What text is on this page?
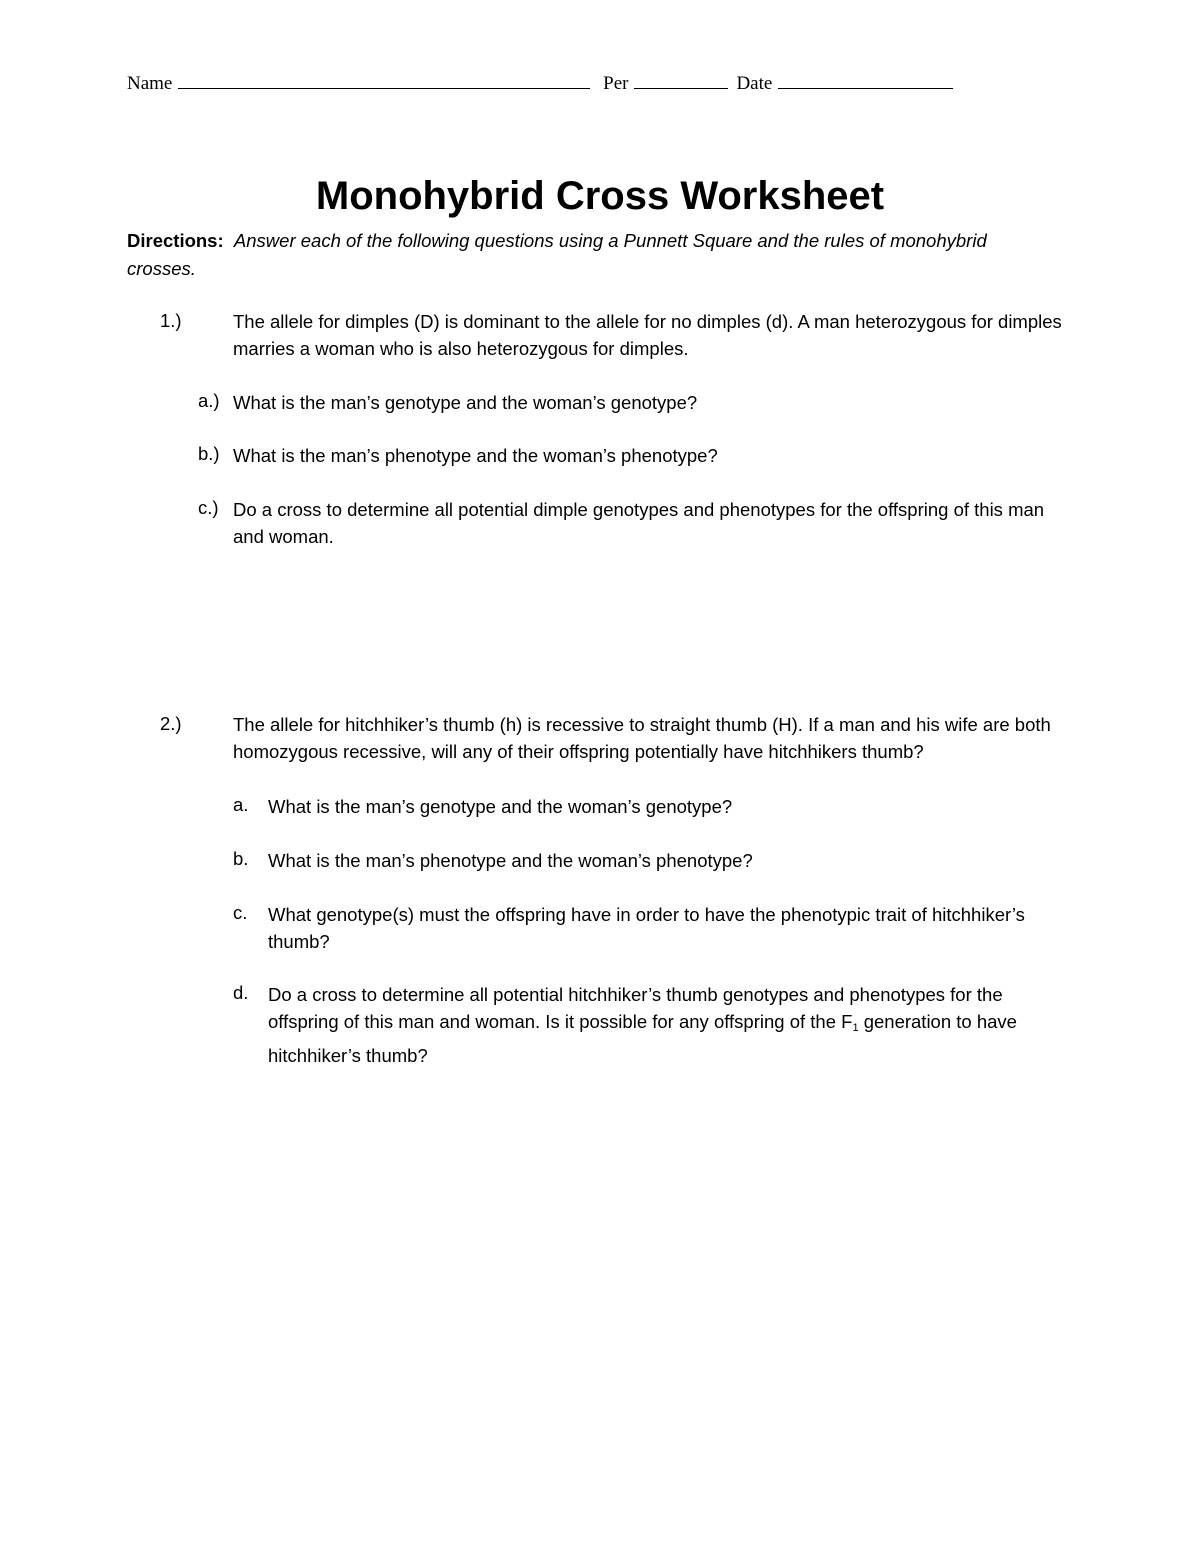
Name	Per	Date
Monohybrid Cross Worksheet
Directions: Answer each of the following questions using a Punnett Square and the rules of monohybrid crosses.
1.)	The allele for dimples (D) is dominant to the allele for no dimples (d). A man heterozygous for dimples marries a woman who is also heterozygous for dimples.
a.) What is the man’s genotype and the woman’s genotype?
b.) What is the man’s phenotype and the woman’s phenotype?
c.) Do a cross to determine all potential dimple genotypes and phenotypes for the offspring of this man and woman.
2.)	The allele for hitchhiker’s thumb (h) is recessive to straight thumb (H). If a man and his wife are both homozygous recessive, will any of their offspring potentially have hitchhikers thumb?
a. What is the man’s genotype and the woman’s genotype?
b. What is the man’s phenotype and the woman’s phenotype?
c. What genotype(s) must the offspring have in order to have the phenotypic trait of hitchhiker’s thumb?
d. Do a cross to determine all potential hitchhiker’s thumb genotypes and phenotypes for the offspring of this man and woman. Is it possible for any offspring of the $F_1$ generation to have hitchhiker’s thumb?
